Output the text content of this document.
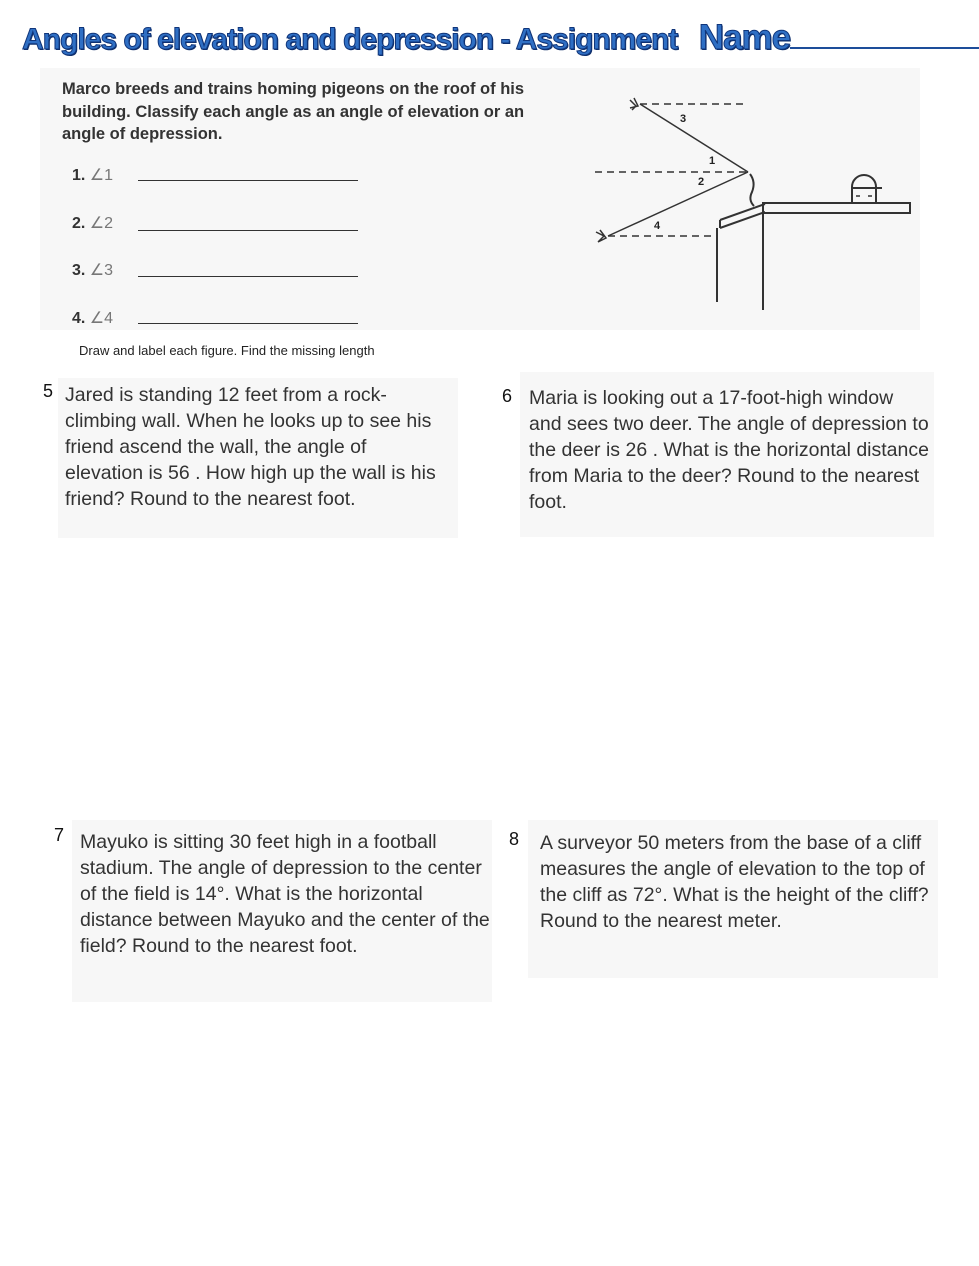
Angles of elevation and depression - Assignment Name
Marco breeds and trains homing pigeons on the roof of his building. Classify each angle as an angle of elevation or an angle of depression.
1. ∠1
2. ∠2
3. ∠3
4. ∠4
1
2
3
4
Draw and label each figure. Find the missing length
5 Jared is standing 12 feet from a rock-climbing wall. When he looks up to see his friend ascend the wall, the angle of elevation is 56 . How high up the wall is his friend? Round to the nearest foot.
6 Maria is looking out a 17-foot-high window and sees two deer. The angle of depression to the deer is 26 . What is the horizontal distance from Maria to the deer? Round to the nearest foot.
7 Mayuko is sitting 30 feet high in a football stadium. The angle of depression to the center of the field is 14°. What is the horizontal distance between Mayuko and the center of the field? Round to the nearest foot.
8 A surveyor 50 meters from the base of a cliff measures the angle of elevation to the top of the cliff as 72°. What is the height of the cliff? Round to the nearest meter.
